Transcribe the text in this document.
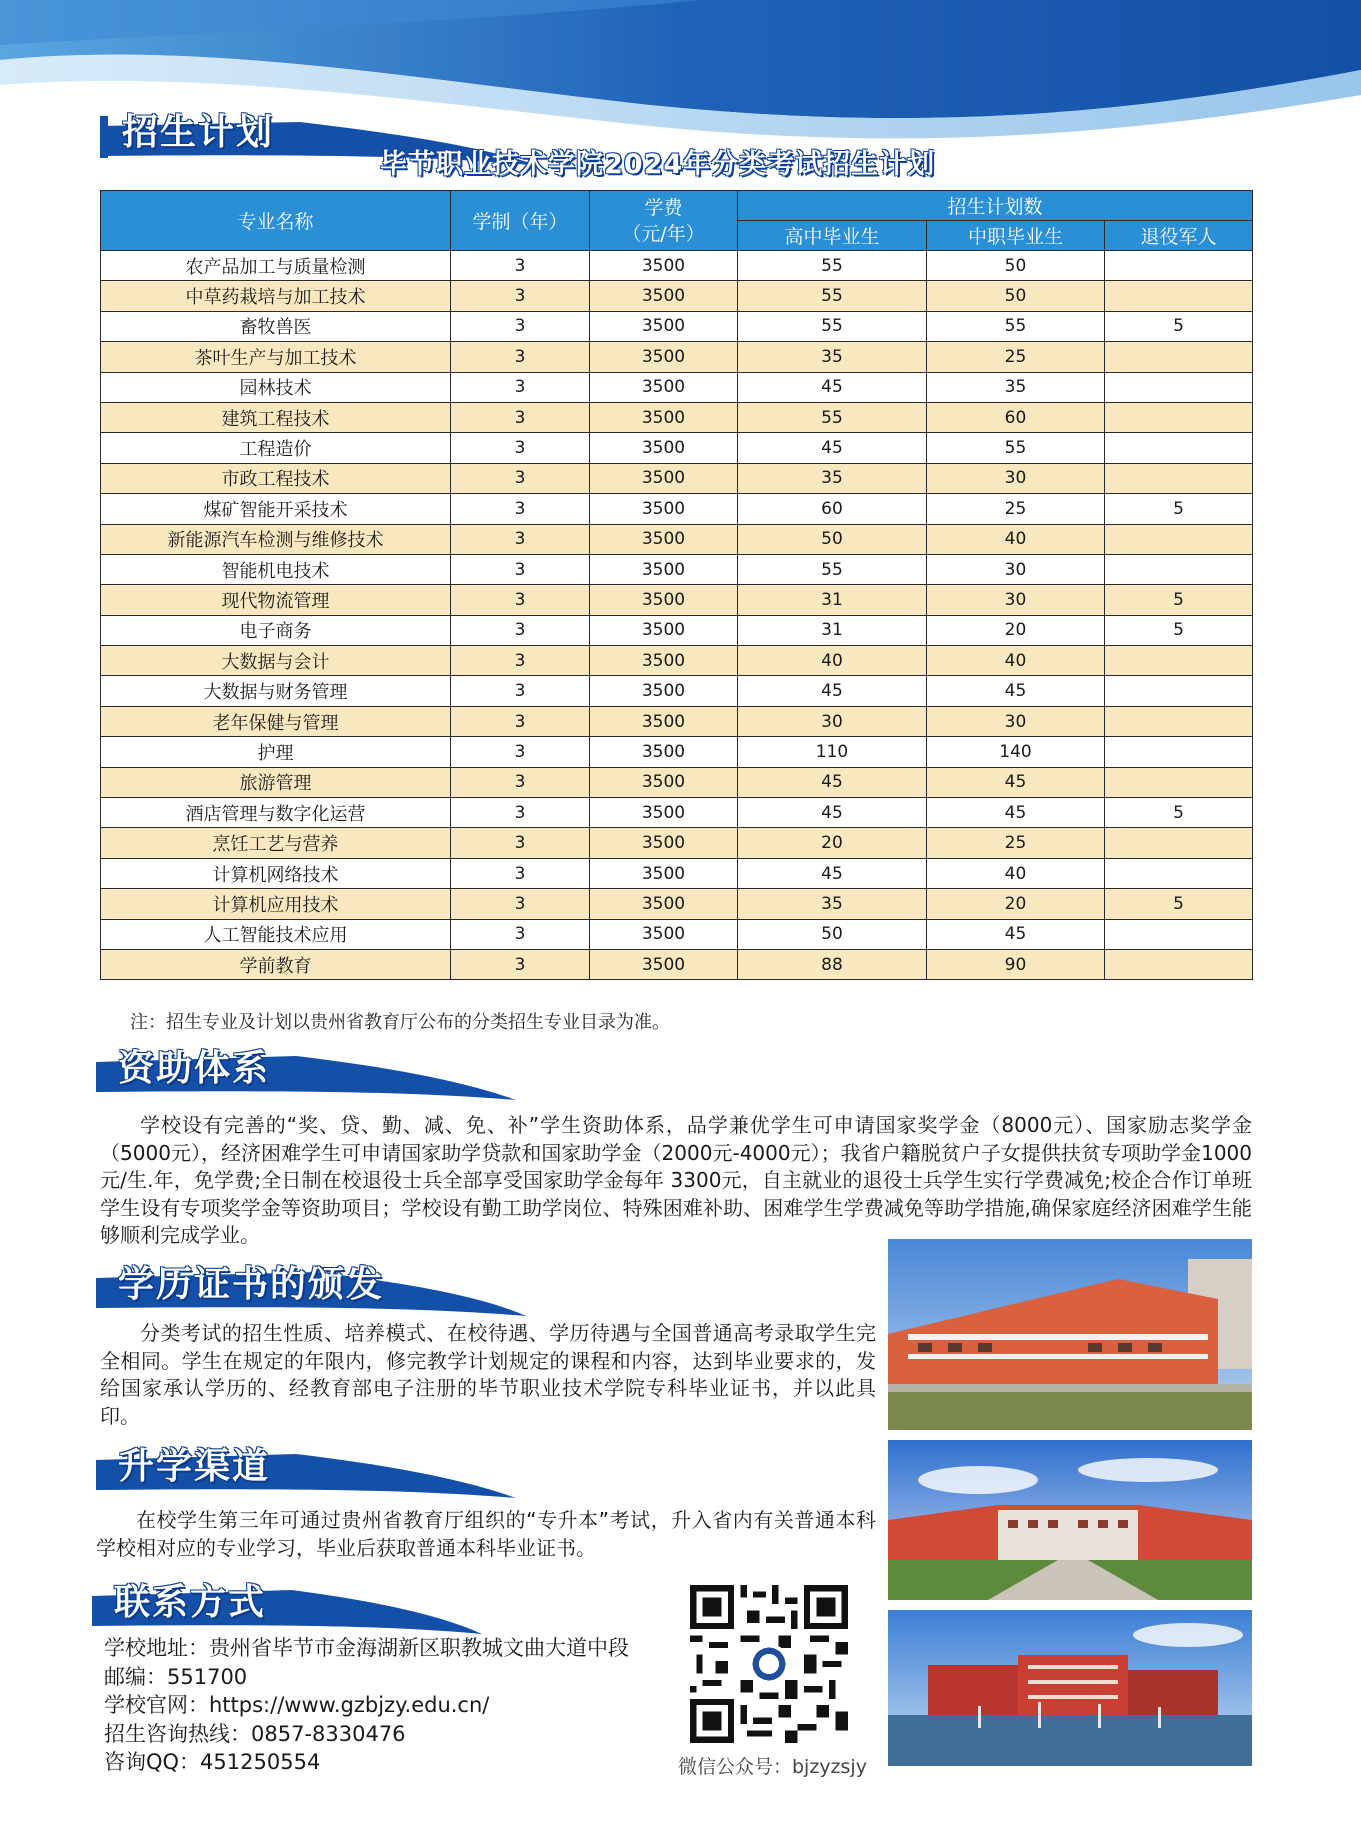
招生计划
毕节职业技术学院2024年分类考试招生计划
专业名称	学制（年）	学费
（元/年）	招生计划数		
			高中毕业生	中职毕业生	退役军人
农产品加工与质量检测	3	3500	55	50	
中草药栽培与加工技术	3	3500	55	50	
畜牧兽医	3	3500	55	55	5
茶叶生产与加工技术	3	3500	35	25	
园林技术	3	3500	45	35	
建筑工程技术	3	3500	55	60	
工程造价	3	3500	45	55	
市政工程技术	3	3500	35	30	
煤矿智能开采技术	3	3500	60	25	5
新能源汽车检测与维修技术	3	3500	50	40	
智能机电技术	3	3500	55	30	
现代物流管理	3	3500	31	30	5
电子商务	3	3500	31	20	5
大数据与会计	3	3500	40	40	
大数据与财务管理	3	3500	45	45	
老年保健与管理	3	3500	30	30	
护理	3	3500	110	140	
旅游管理	3	3500	45	45	
酒店管理与数字化运营	3	3500	45	45	5
烹饪工艺与营养	3	3500	20	25	
计算机网络技术	3	3500	45	40	
计算机应用技术	3	3500	35	20	5
人工智能技术应用	3	3500	50	45	
学前教育	3	3500	88	90	
注：招生专业及计划以贵州省教育厅公布的分类招生专业目录为准。
资助体系
学校设有完善的“奖、贷、勤、减、免、补”学生资助体系，品学兼优学生可申请国家奖学金（8000元）、国家励志奖学金（5000元），经济困难学生可申请国家助学贷款和国家助学金（2000元-4000元）；我省户籍脱贫户子女提供扶贫专项助学金1000 元/生.年，免学费;全日制在校退役士兵全部享受国家助学金每年 3300元，自主就业的退役士兵学生实行学费减免;校企合作订单班学生设有专项奖学金等资助项目；学校设有勤工助学岗位、特殊困难补助、困难学生学费减免等助学措施,确保家庭经济困难学生能够顺利完成学业。
学历证书的颁发
分类考试的招生性质、培养模式、在校待遇、学历待遇与全国普通高考录取学生完全相同。学生在规定的年限内，修完教学计划规定的课程和内容，达到毕业要求的，发给国家承认学历的、经教育部电子注册的毕节职业技术学院专科毕业证书，并以此具印。
升学渠道
在校学生第三年可通过贵州省教育厅组织的“专升本”考试，升入省内有关普通本科学校相对应的专业学习，毕业后获取普通本科毕业证书。
联系方式
学校地址：贵州省毕节市金海湖新区职教城文曲大道中段
邮编：551700
学校官网：https://www.gzbjzy.edu.cn/
招生咨询热线：0857-8330476
咨询QQ：451250554	微信公众号：bjzyzsjy
